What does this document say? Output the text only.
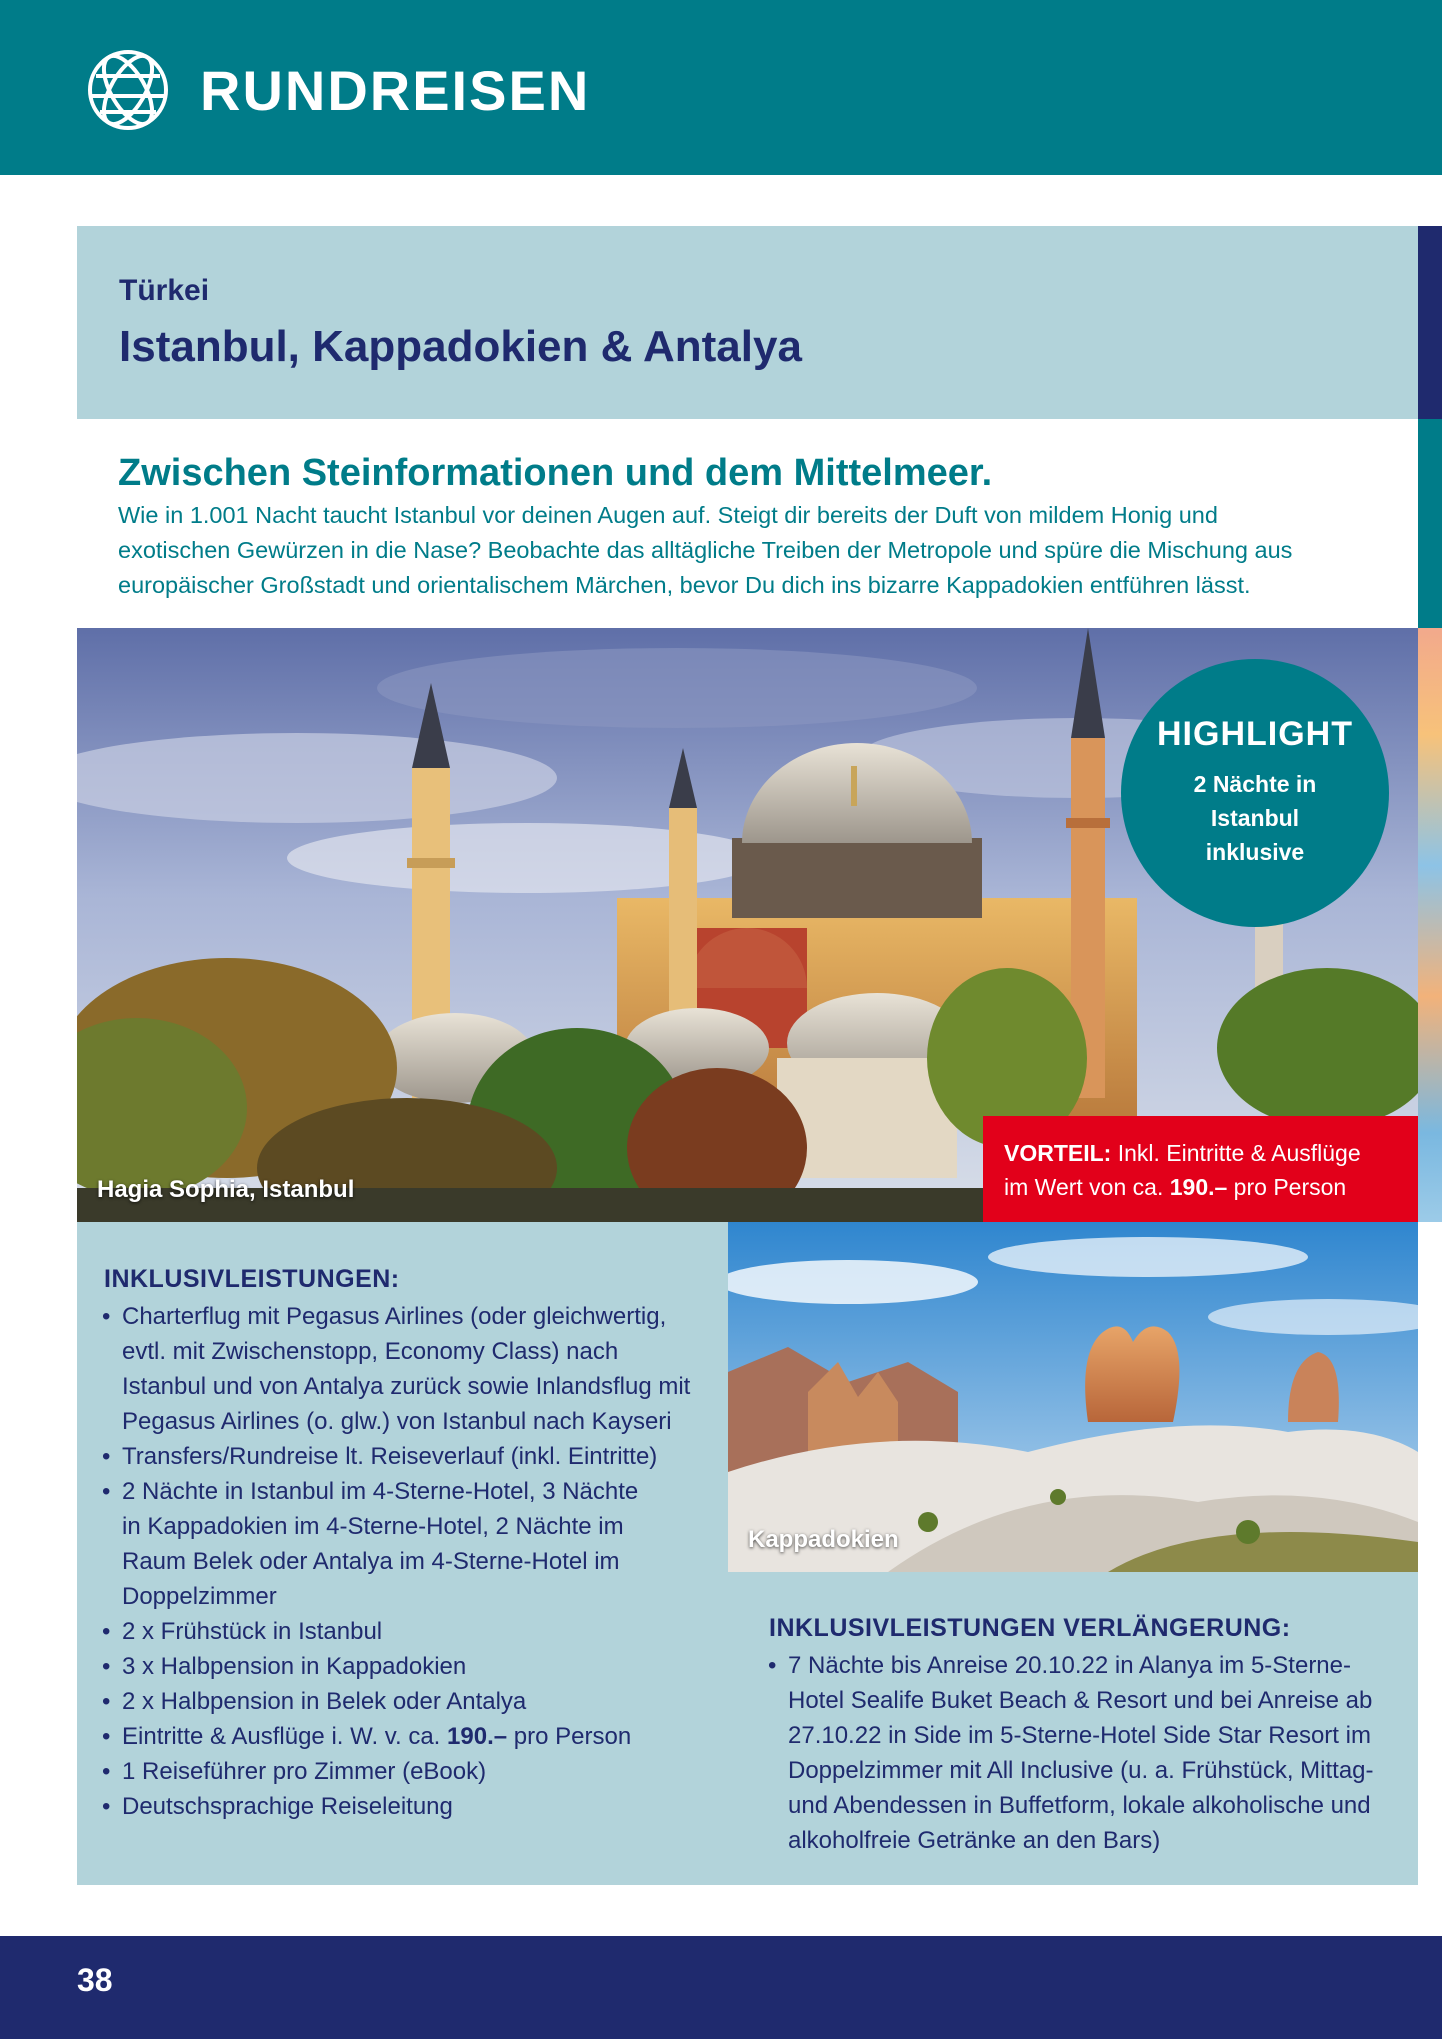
RUNDREISEN
Türkei
Istanbul, Kappadokien & Antalya
Zwischen Steinformationen und dem Mittelmeer.
Wie in 1.001 Nacht taucht Istanbul vor deinen Augen auf. Steigt dir bereits der Duft von mildem Honig und
exotischen Gewürzen in die Nase? Beobachte das alltägliche Treiben der Metropole und spüre die Mischung aus
europäischer Großstadt und orientalischem Märchen, bevor Du dich ins bizarre Kappadokien entführen lässt.
Hagia Sophia, Istanbul
HIGHLIGHT
2 Nächte in
Istanbul
inklusive
VORTEIL: Inkl. Eintritte & Ausflüge
im Wert von ca. 190.– pro Person
INKLUSIVLEISTUNGEN:
• Charterflug mit Pegasus Airlines (oder gleichwertig,
evtl. mit Zwischenstopp, Economy Class) nach
Istanbul und von Antalya zurück sowie Inlandsflug mit
Pegasus Airlines (o. glw.) von Istanbul nach Kayseri
• Transfers/Rundreise lt. Reiseverlauf (inkl. Eintritte)
• 2 Nächte in Istanbul im 4-Sterne-Hotel, 3 Nächte
in Kappadokien im 4-Sterne-Hotel, 2 Nächte im
Raum Belek oder Antalya im 4-Sterne-Hotel im
Doppelzimmer
• 2 x Frühstück in Istanbul
• 3 x Halbpension in Kappadokien
• 2 x Halbpension in Belek oder Antalya
• Eintritte & Ausflüge i. W. v. ca. 190.– pro Person
• 1 Reiseführer pro Zimmer (eBook)
• Deutschsprachige Reiseleitung
Kappadokien
INKLUSIVLEISTUNGEN VERLÄNGERUNG:
• 7 Nächte bis Anreise 20.10.22 in Alanya im 5-Sterne-
Hotel Sealife Buket Beach & Resort und bei Anreise ab
27.10.22 in Side im 5-Sterne-Hotel Side Star Resort im
Doppelzimmer mit All Inclusive (u. a. Frühstück, Mittag-
und Abendessen in Buffetform, lokale alkoholische und
alkoholfreie Getränke an den Bars)
38
